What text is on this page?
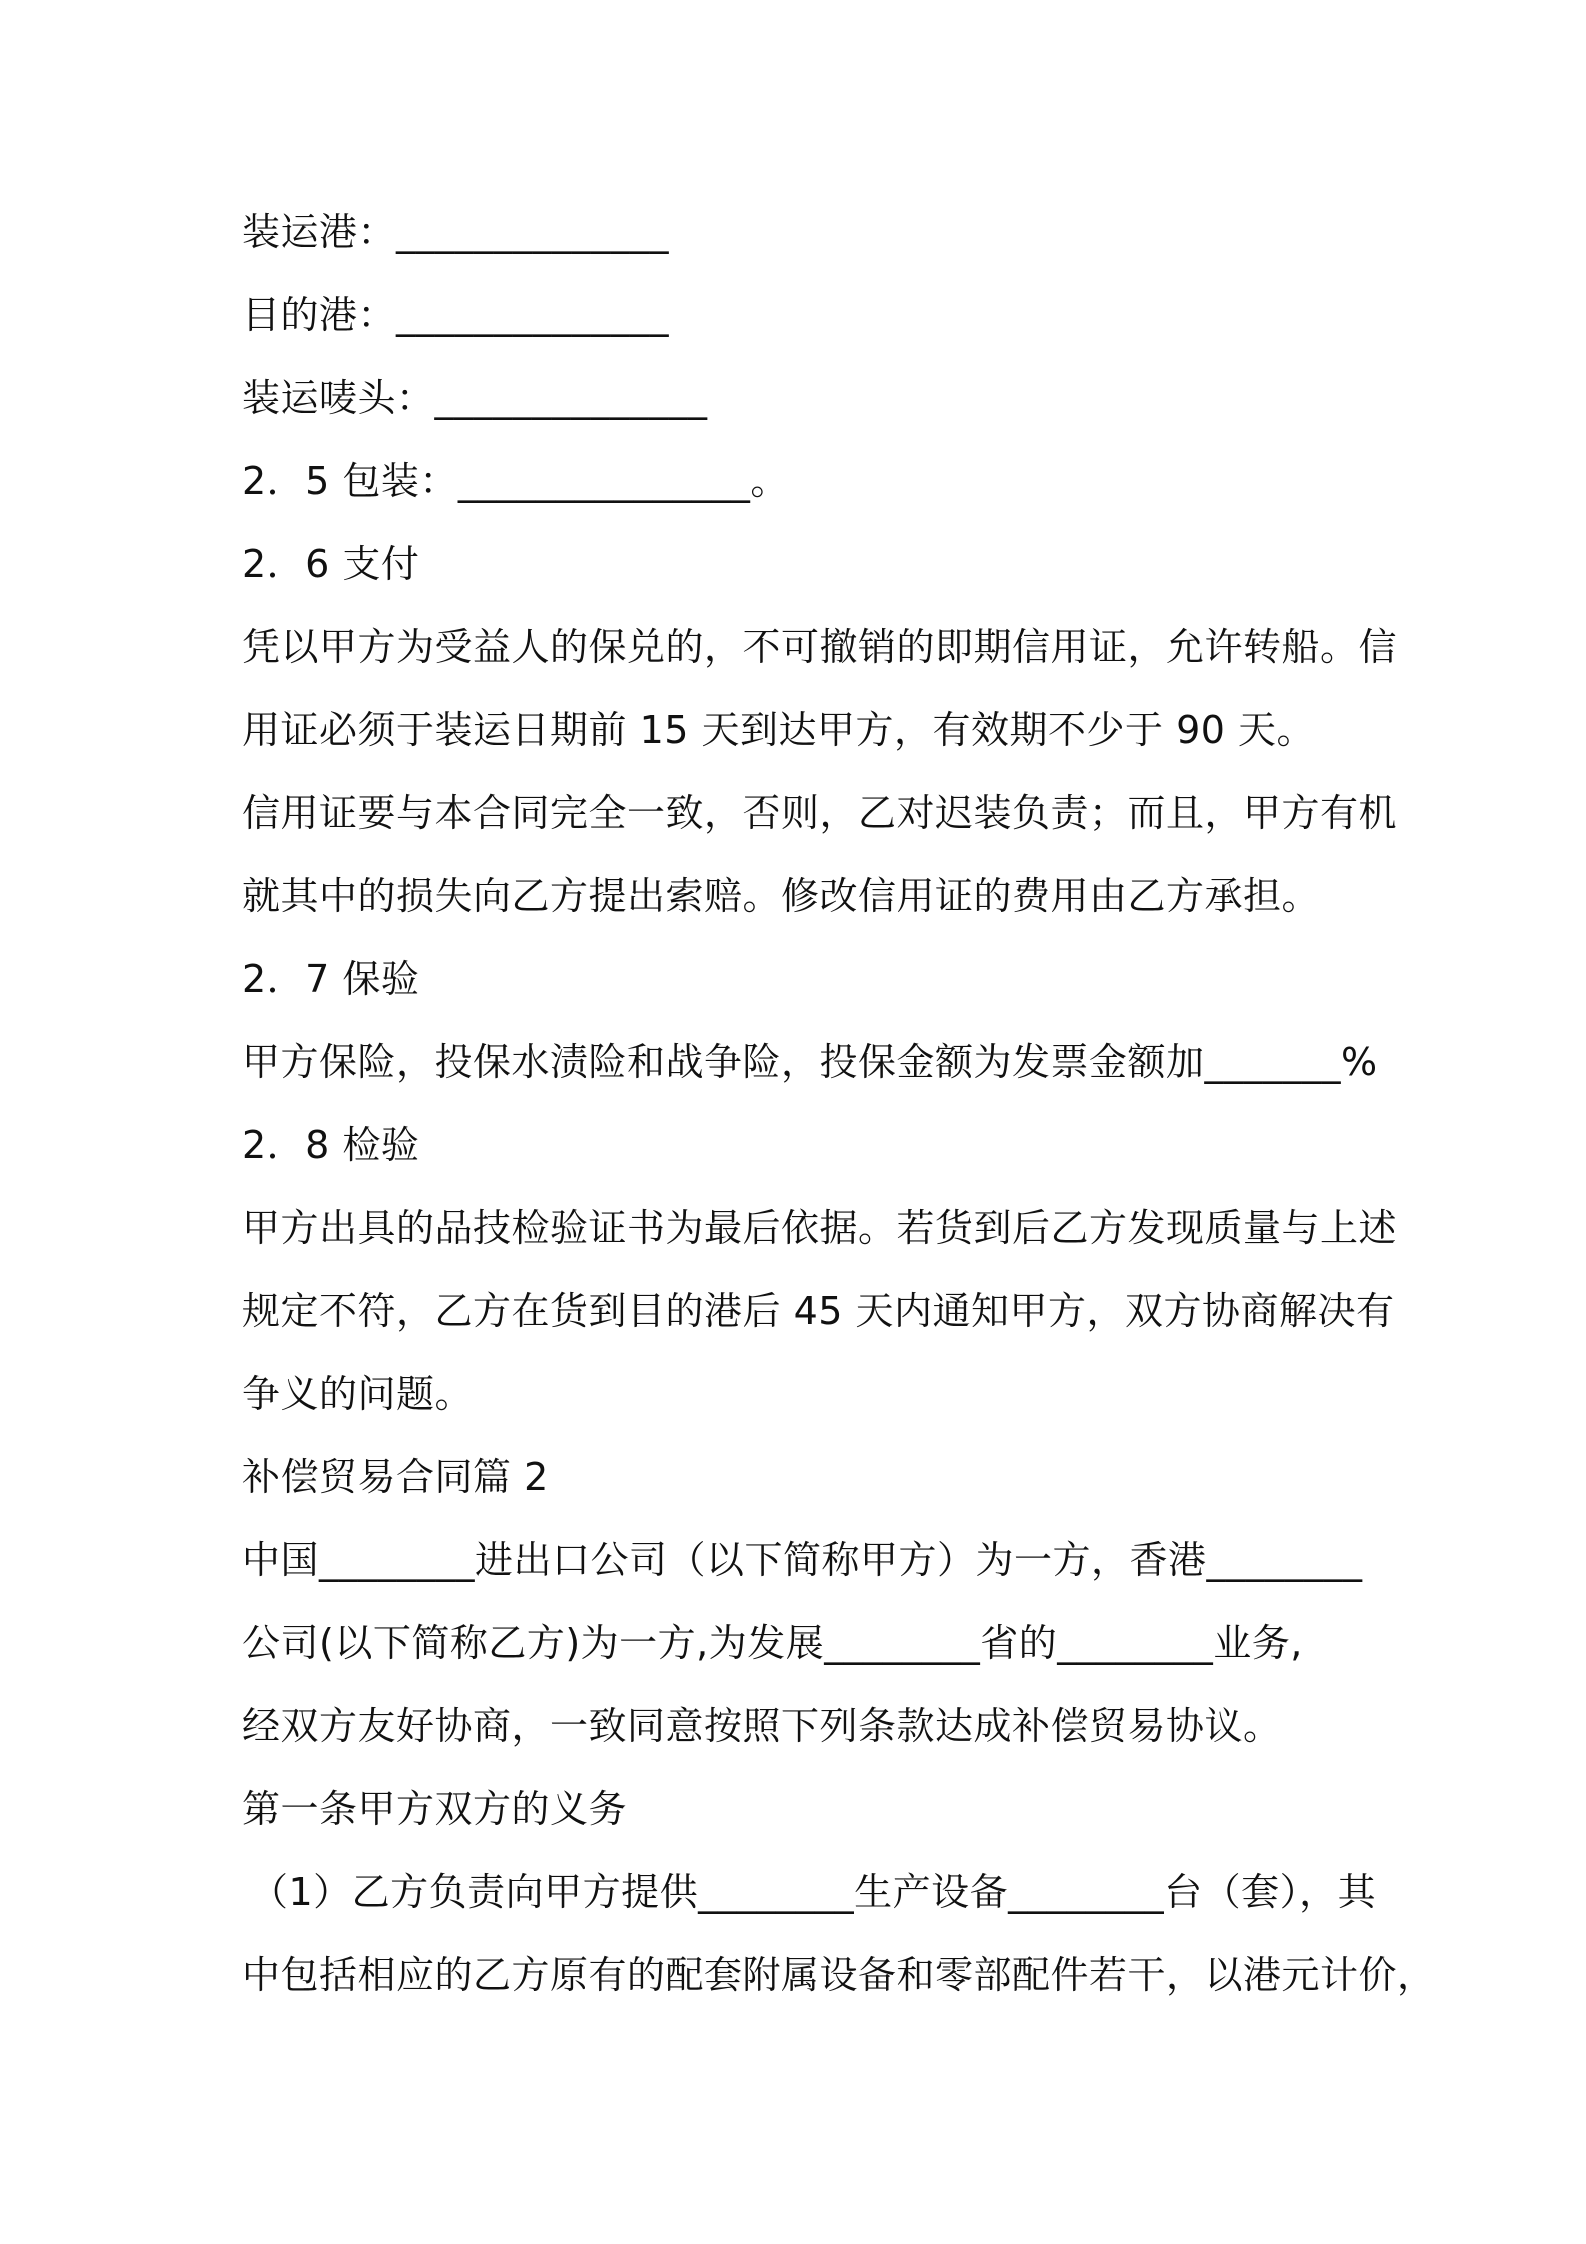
装运港：______________
目的港：______________
装运唛头：______________
2．5 包装：_______________。
2．6 支付
凭以甲方为受益人的保兑的，不可撤销的即期信用证，允许转船。信
用证必须于装运日期前 15 天到达甲方，有效期不少于 90 天。
信用证要与本合同完全一致，否则，乙对迟装负责；而且，甲方有机
就其中的损失向乙方提出索赔。修改信用证的费用由乙方承担。
2．7 保验
甲方保险，投保水渍险和战争险，投保金额为发票金额加_______%
2．8 检验
甲方出具的品技检验证书为最后依据。若货到后乙方发现质量与上述
规定不符，乙方在货到目的港后 45 天内通知甲方，双方协商解决有
争义的问题。
补偿贸易合同篇 2
中国________进出口公司（以下简称甲方）为一方，香港________
公司(以下简称乙方)为一方,为发展________省的________业务,
经双方友好协商，一致同意按照下列条款达成补偿贸易协议。
第一条甲方双方的义务
（1）乙方负责向甲方提供________生产设备________台（套），其
中包括相应的乙方原有的配套附属设备和零部配件若干，以港元计价，
